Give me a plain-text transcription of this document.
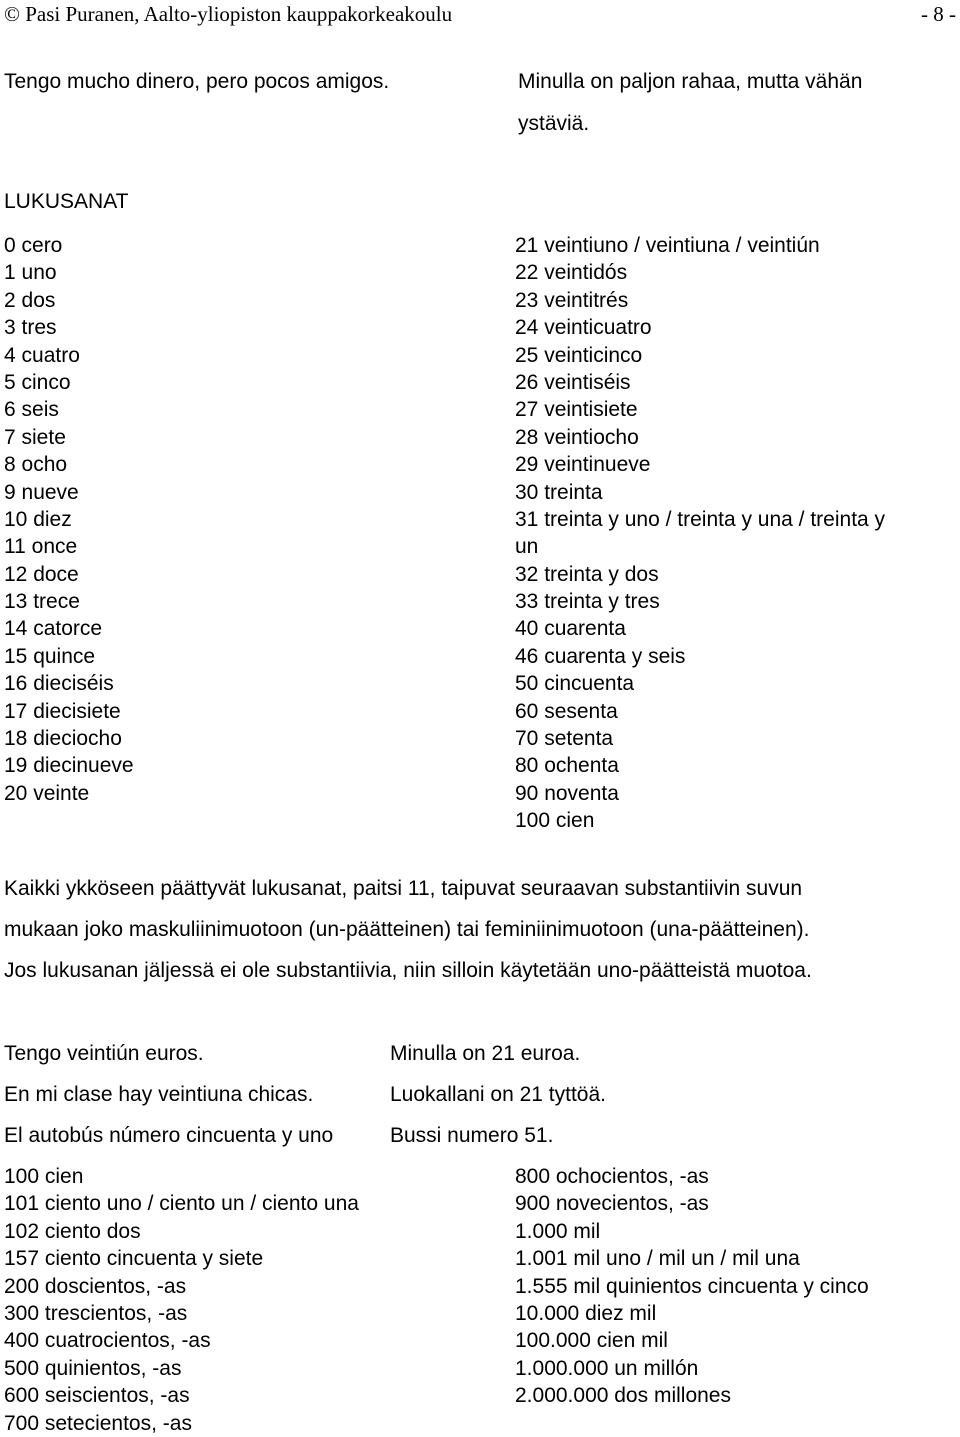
© Pasi Puranen, Aalto-yliopiston kauppakorkeakoulu	- 8 -
Tengo mucho dinero, pero pocos amigos.	Minulla on paljon rahaa, mutta vähän
ystäviä.
LUKUSANAT
0 cero
1 uno
2 dos
3 tres
4 cuatro
5 cinco
6 seis
7 siete
8 ocho
9 nueve
10 diez
11 once
12 doce
13 trece
14 catorce
15 quince
16 dieciséis
17 diecisiete
18 dieciocho
19 diecinueve
20 veinte
21 veintiuno / veintiuna / veintiún
22 veintidós
23 veintitrés
24 veinticuatro
25 veinticinco
26 veintiséis
27 veintisiete
28 veintiocho
29 veintinueve
30 treinta
31 treinta y uno / treinta y una / treinta y
un
32 treinta y dos
33 treinta y tres
40 cuarenta
46 cuarenta y seis
50 cincuenta
60 sesenta
70 setenta
80 ochenta
90 noventa
100 cien

Kaikki ykköseen päättyvät lukusanat, paitsi 11, taipuvat seuraavan substantiivin suvun

mukaan joko maskuliinimuotoon (un-päätteinen) tai feminiinimuotoon (una-päätteinen).

Jos lukusanan jäljessä ei ole substantiivia, niin silloin käytetään uno-päätteistä muotoa.

Tengo veintiún euros.	Minulla on 21 euroa.
En mi clase hay veintiuna chicas.	Luokallani on 21 tyttöä.
El autobús número cincuenta y uno	Bussi numero 51.
100 cien
101 ciento uno / ciento un / ciento una
102 ciento dos
157 ciento cincuenta y siete
200 doscientos, -as
300 trescientos, -as
400 cuatrocientos, -as
500 quinientos, -as
600 seiscientos, -as
700 setecientos, -as
800 ochocientos, -as
900 novecientos, -as
1.000 mil
1.001 mil uno / mil un / mil una
1.555 mil quinientos cincuenta y cinco
10.000 diez mil
100.000 cien mil
1.000.000 un millón
2.000.000 dos millones
